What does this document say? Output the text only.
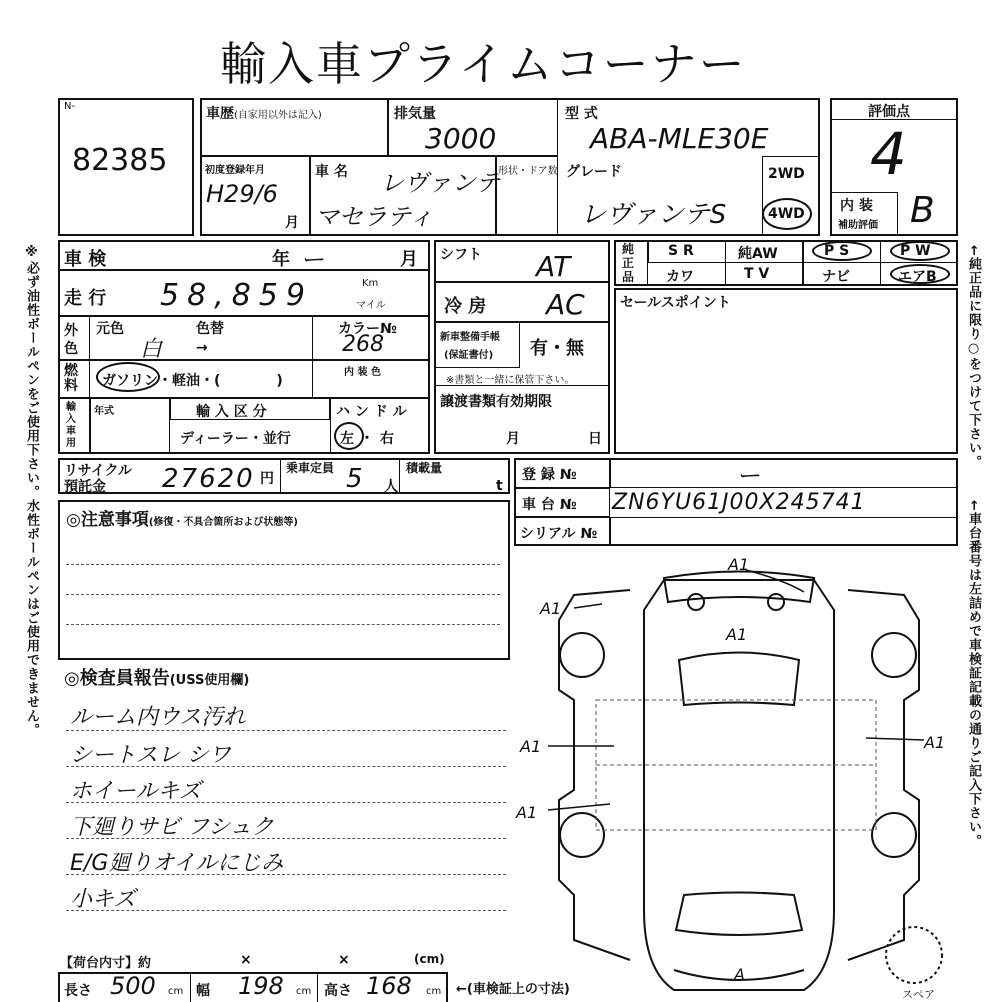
輸入車プライムコーナー
※必ず油性ボールペンをご使用下さい。水性ボールペンはご使用できません。	←純正品に限り○をつけて下さい。
←車台番号は左詰めで車検証記載の通りご記入下さい。
N-
82385
車歴(自家用以外は記入)	排気量
3000
型 式
ABA-MLE30E
初度登録年月
H29/6
月
車 名 レヴァンテ
マセラティ
形状・ドア数 グレード
レヴァンテS
2WD
4WD
評価点
4
内 装
補助評価 B
車 検	年 ー	月
走 行 58,859	Km
マイル
外色
元色	色替
白 →
カラー№
268
燃料	ガソリン・軽油・(　　　　)
内 装 色
輸入車用
年式	輸 入 区 分
ディーラー・並行
ハ ン ド ル
左・右
シフト AT
冷 房 AC
新車整備手帳
(保証書付) 有・無
※書類と一緒に保管下さい。
譲渡書類有効期限
月	日
純
正
品
S R	純AW	P S	P W
カワ	T V	ナビ	エアB
セールスポイント
リサイクル
預託金 27620 円
乗車定員 5 人
積載量
t
登 録 №	ー
車 台 № ZN6YU61J00X245741
シリアル №
◎注意事項(修復・不具合箇所および状態等)
◎検査員報告(USS使用欄)
ルーム内ウス汚れ
シートスレ シワ
ホイールキズ
下廻りサビ フシュク
E/G廻りオイルにじみ
小キズ
【荷台内寸】約	×	×	(cm)
長さ 500 cm 幅 198 cm 高さ 168 cm ←(車検証上の寸法)
A1
A1
A1
A1
A1
A1
A
スペア
